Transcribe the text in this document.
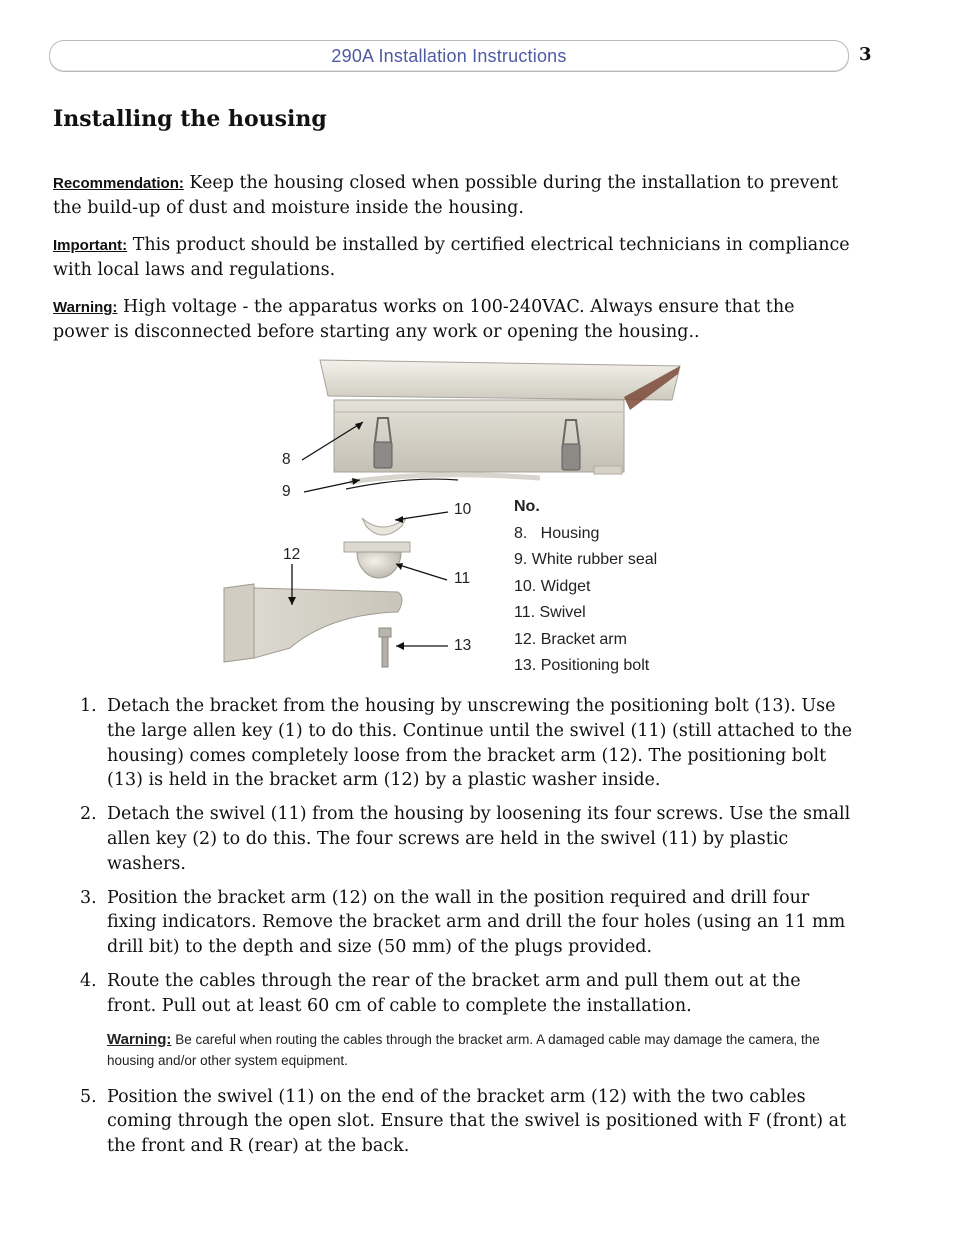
290A Installation Instructions	3
Installing the housing

Recommendation: Keep the housing closed when possible during the installation to prevent the build-up of dust and moisture inside the housing.

Important: This product should be installed by certified electrical technicians in compliance with local laws and regulations.

Warning: High voltage - the apparatus works on 100-240VAC. Always ensure that the power is disconnected before starting any work or opening the housing..

8
9
10
11
12
13
No.
8.   Housing
9. White rubber seal
10. Widget
11. Swivel
12. Bracket arm
13. Positioning bolt
1. Detach the bracket from the housing by unscrewing the positioning bolt (13). Use the large allen key (1) to do this. Continue until the swivel (11) (still attached to the housing) comes completely loose from the bracket arm (12). The positioning bolt (13) is held in the bracket arm (12) by a plastic washer inside.
2. Detach the swivel (11) from the housing by loosening its four screws. Use the small allen key (2) to do this. The four screws are held in the swivel (11) by plastic washers.
3. Position the bracket arm (12) on the wall in the position required and drill four fixing indicators. Remove the bracket arm and drill the four holes (using an 11 mm drill bit) to the depth and size (50 mm) of the plugs provided.
4. Route the cables through the rear of the bracket arm and pull them out at the front. Pull out at least 60 cm of cable to complete the installation.

Warning: Be careful when routing the cables through the bracket arm. A damaged cable may damage the camera, the housing and/or other system equipment.

5. Position the swivel (11) on the end of the bracket arm (12) with the two cables coming through the open slot. Ensure that the swivel is positioned with F (front) at the front and R (rear) at the back.
